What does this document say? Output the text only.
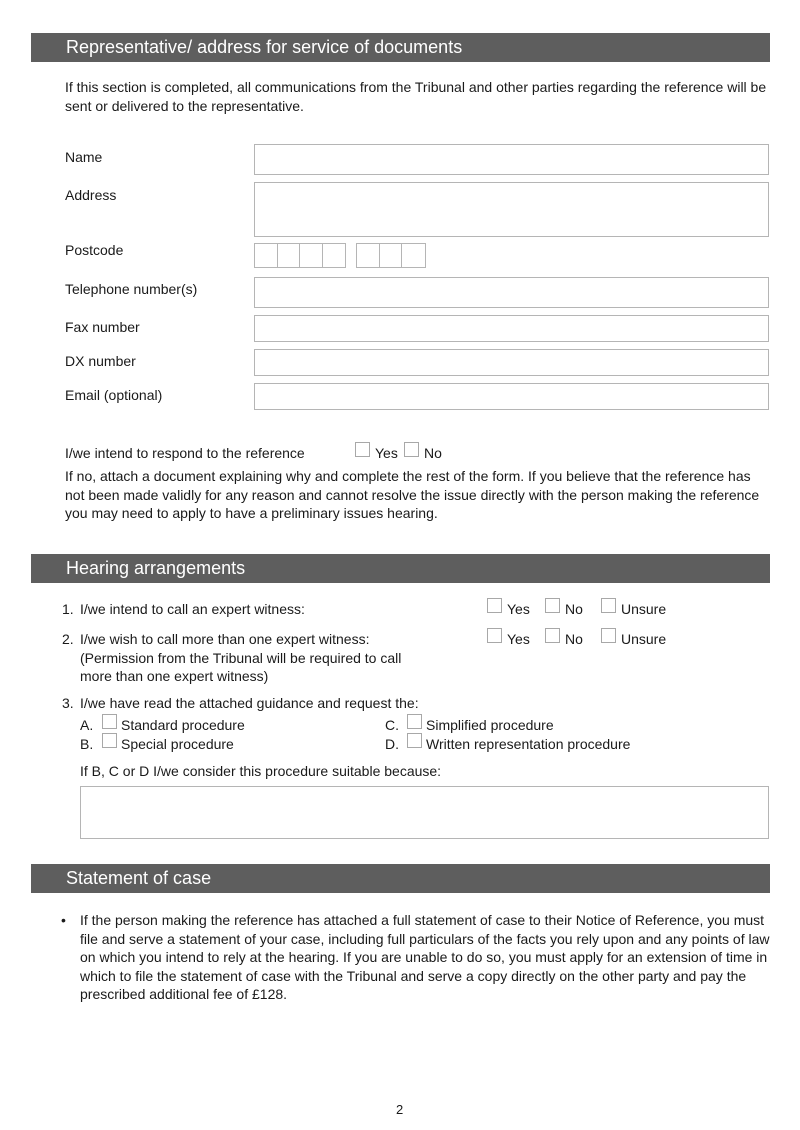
Representative/ address for service of documents
If this section is completed, all communications from the Tribunal and other parties regarding the reference will be sent or delivered to the representative.
Name
Address
Postcode
Telephone number(s)
Fax number
DX number
Email (optional)
I/we intend to respond to the reference	Yes No
If no, attach a document explaining why and complete the rest of the form. If you believe that the reference has not been made validly for any reason and cannot resolve the issue directly with the person making the reference you may need to apply to have a preliminary issues hearing.
Hearing arrangements
1. I/we intend to call an expert witness:	Yes	No	Unsure
2. I/we wish to call more than one expert witness:
(Permission from the Tribunal will be required to call
more than one expert witness)
Yes	No	Unsure
3. I/we have read the attached guidance and request the:
A. Standard procedure	C. Simplified procedure
B. Special procedure	D. Written representation procedure
If B, C or D I/we consider this procedure suitable because:
Statement of case
• If the person making the reference has attached a full statement of case to their Notice of Reference, you must file and serve a statement of your case, including full particulars of the facts you rely upon and any points of law on which you intend to rely at the hearing. If you are unable to do so, you must apply for an extension of time in which to file the statement of case with the Tribunal and serve a copy directly on the other party and pay the prescribed additional fee of £128.
2
